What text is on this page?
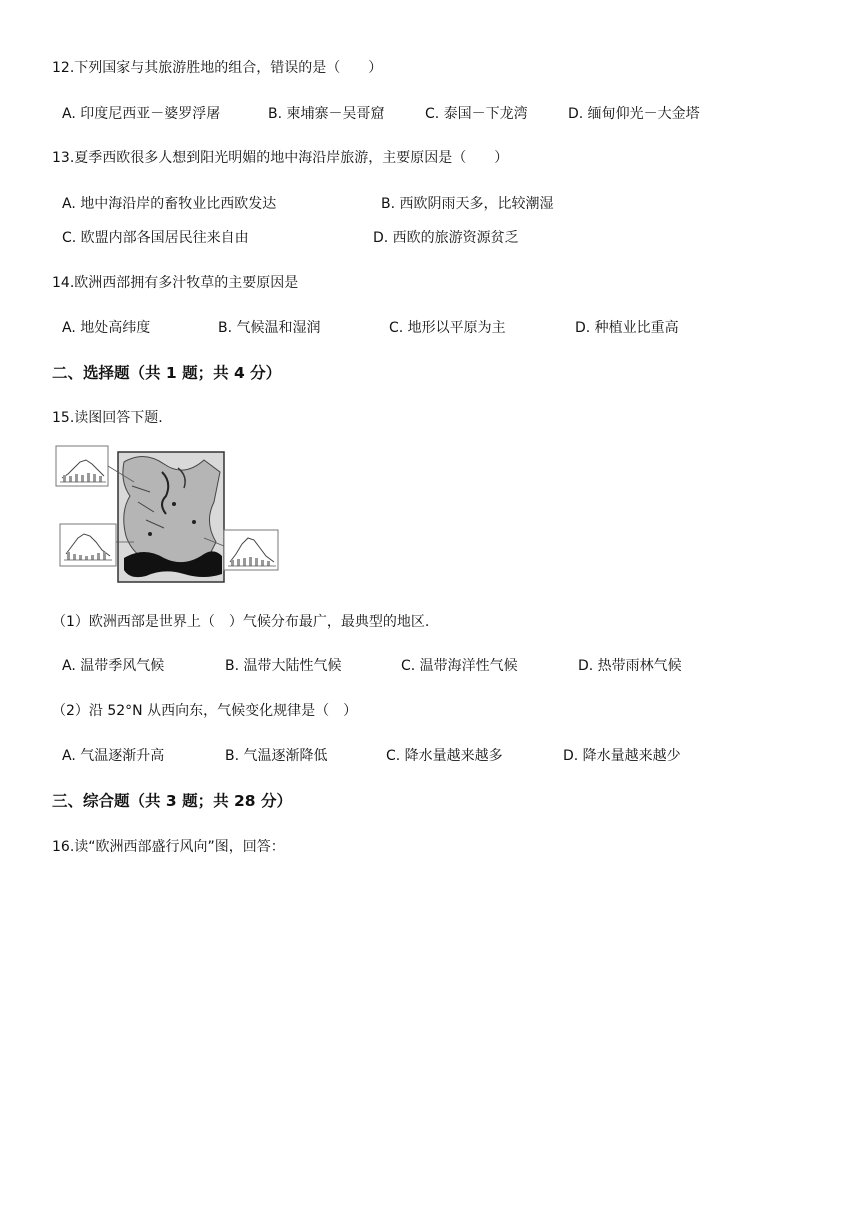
12.下列国家与其旅游胜地的组合，错误的是（　　）
A. 印度尼西亚－婆罗浮屠	B. 柬埔寨－吴哥窟	C. 泰国－下龙湾	D. 缅甸仰光－大金塔
13.夏季西欧很多人想到阳光明媚的地中海沿岸旅游，主要原因是（　　）
A. 地中海沿岸的畜牧业比西欧发达	B. 西欧阴雨天多，比较潮湿
C. 欧盟内部各国居民往来自由	D. 西欧的旅游资源贫乏
14.欧洲西部拥有多汁牧草的主要原因是
A. 地处高纬度	B. 气候温和湿润	C. 地形以平原为主	D. 种植业比重高
二、选择题（共 1 题；共 4 分）
15.读图回答下题.
（1）欧洲西部是世界上（　）气候分布最广，最典型的地区.
A. 温带季风气候	B. 温带大陆性气候	C. 温带海洋性气候	D. 热带雨林气候
（2）沿 52°N 从西向东，气候变化规律是（　）
A. 气温逐渐升高	B. 气温逐渐降低	C. 降水量越来越多	D. 降水量越来越少
三、综合题（共 3 题；共 28 分）
16.读“欧洲西部盛行风向”图，回答：
